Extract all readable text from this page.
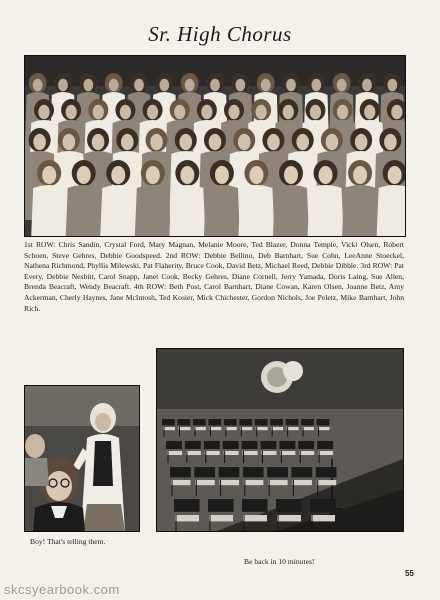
Sr. High Chorus
1st ROW: Chris Sandin, Crystal Ford, Mary Magnan, Melanie Moore, Ted Blazer, Donna Temple, Vicki Olsen, Robert Schoen, Steve Gehres, Debbie Goodspeed. 2nd ROW: Debbie Bellino, Deb Barnhart, Sue Cohn, LeeAnne Stoeckel, Nathena Richmond, Phyllis Milewski, Pat Flaherity, Bruce Cook, David Betz, Michael Reed, Debbie Dibble. 3rd ROW: Pat Every, Debbie Nesbitt, Carol Snapp, Janet Cook, Becky Gehres, Diane Cornell, Jerry Yamada, Doris Laing, Sue Allen, Brenda Beacraft, Wendy Beacraft. 4th ROW: Beth Post, Carol Barnhart, Diane Cowan, Karen Olsen, Joanne Betz, Amy Ackerman, Cherly Haynes, Jane McIntosh, Ted Kosier, Mick Chichester, Gordon Nichols, Joe Peletz, Mike Barnhart, John Rich.
Boy! That's telling them.
Be back in 10 minutes!
55
skcsyearbook.com
